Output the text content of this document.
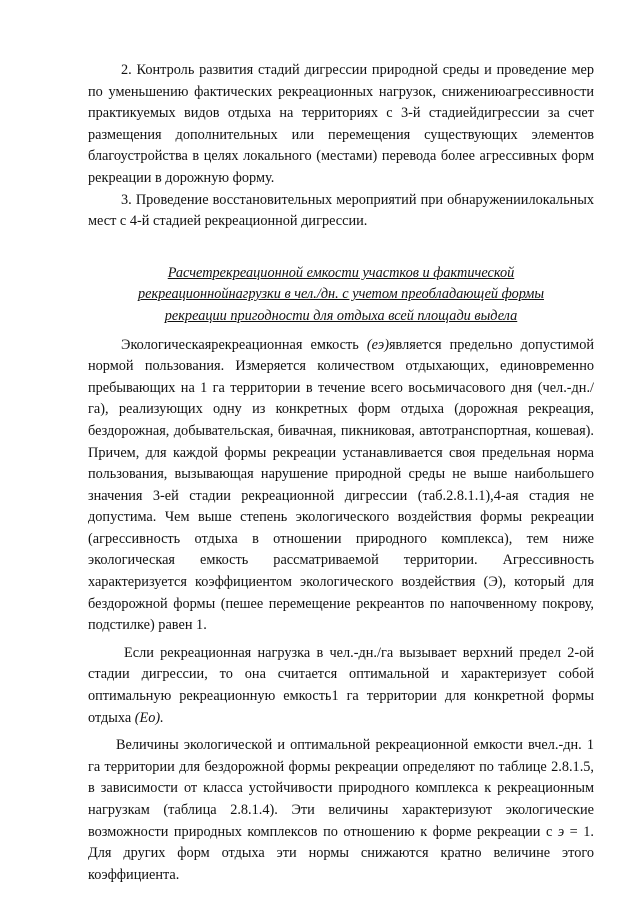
2. Контроль развития стадий дигрессии природной среды и проведение мер по уменьшению фактических рекреационных нагрузок, снижениюагрессивности практикуемых видов отдыха на территориях с 3-й стадиейдигрессии за счет размещения дополнительных или перемещения существующих элементов благоустройства в целях локального (местами) перевода более агрессивных форм рекреации в дорожную форму.

3. Проведение восстановительных мероприятий при обнаружениилокальных мест с 4-й стадией рекреационной дигрессии.

Расчетрекреационной емкости участков и фактической рекреационнойнагрузки в чел./дн. с учетом преобладающей формы рекреации пригодности для отдыха всей площади выдела

Экологическаярекреационная емкость (еэ)является предельно допустимой нормой пользования. Измеряется количеством отдыхающих, единовременно пребывающих на 1 га территории в течение всего восьмичасового дня (чел.-дн./га), реализующих одну из конкретных форм отдыха (дорожная рекреация, бездорожная, добывательская, бивачная, пикниковая, автотранспортная, кошевая). Причем, для каждой формы рекреации устанавливается своя предельная норма пользования, вызывающая нарушение природной среды не выше наибольшего значения 3-ей стадии рекреационной дигрессии (таб.2.8.1.1),4-ая стадия не допустима. Чем выше степень экологического воздействия формы рекреации (агрессивность отдыха в отношении природного комплекса), тем ниже экологическая емкость рассматриваемой территории. Агрессивность характеризуется коэффициентом экологического воздействия (Э), который для бездорожной формы (пешее перемещение рекреантов по напочвенному покрову, подстилке) равен 1.

Если рекреационная нагрузка в чел.-дн./га вызывает верхний предел 2-ой стадии дигрессии, то она считается оптимальной и характеризует собой оптимальную рекреационную емкость1 га территории для конкретной формы отдыха (Ео).

Величины экологической и оптимальной рекреационной емкости вчел.-дн. 1 га территории для бездорожной формы рекреации определяют по таблице 2.8.1.5, в зависимости от класса устойчивости природного комплекса к рекреационным нагрузкам (таблица 2.8.1.4). Эти величины характеризуют экологические возможности природных комплексов по отношению к форме рекреации с э = 1. Для других форм отдыха эти нормы снижаются кратно величине этого коэффициента.
